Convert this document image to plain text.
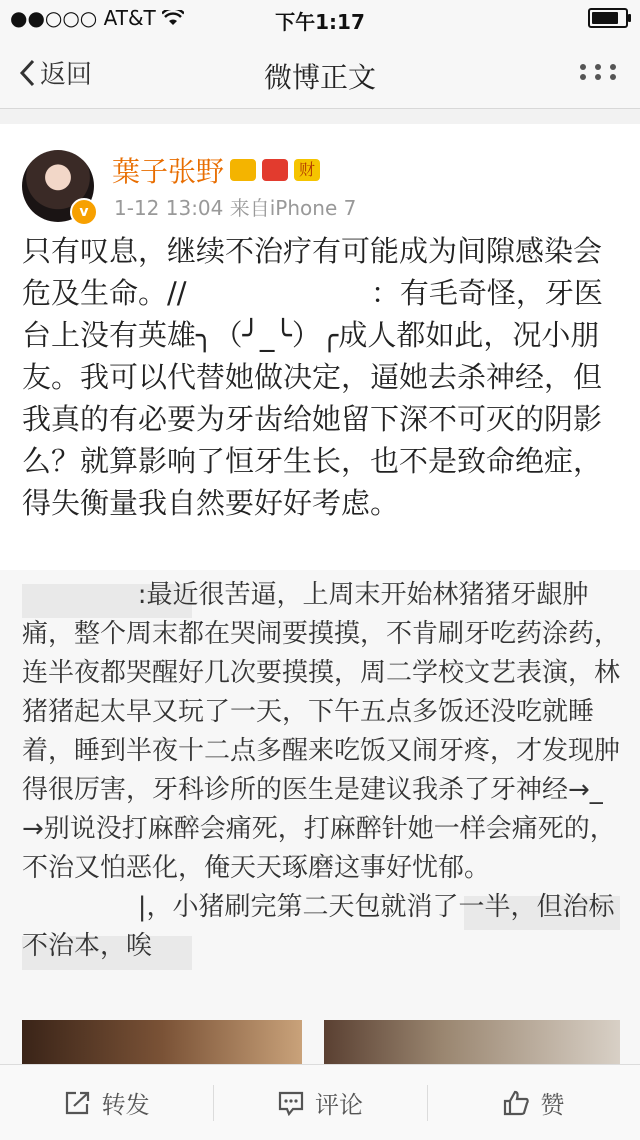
●●○○○ AT&T	下午1:17
返回	微博正文
v
葉子张野	财
1-12 13:04 来自iPhone 7
只有叹息，继续不治疗有可能成为间隙感染会危及生命。//                    ：有毛奇怪，牙医台上没有英雄╮（╯_╰）╭成人都如此，况小朋友。我可以代替她做决定，逼她去杀神经，但我真的有必要为牙齿给她留下深不可灭的阴影么？就算影响了恒牙生长，也不是致命绝症，得失衡量我自然要好好考虑。
:最近很苦逼，上周末开始林猪猪牙龈肿痛，整个周末都在哭闹要摸摸，不肯刷牙吃药涂药，连半夜都哭醒好几次要摸摸，周二学校文艺表演，林猪猪起太早又玩了一天，下午五点多饭还没吃就睡着，睡到半夜十二点多醒来吃饭又闹牙疼，才发现肿得很厉害，牙科诊所的医生是建议我杀了牙神经→_→别说没打麻醉会痛死，打麻醉针她一样会痛死的，不治又怕恶化，俺天天琢磨这事好忧郁。
|，小猪刷完第二天包就消了一半，但治标不治本，唉
转发	评论	赞
